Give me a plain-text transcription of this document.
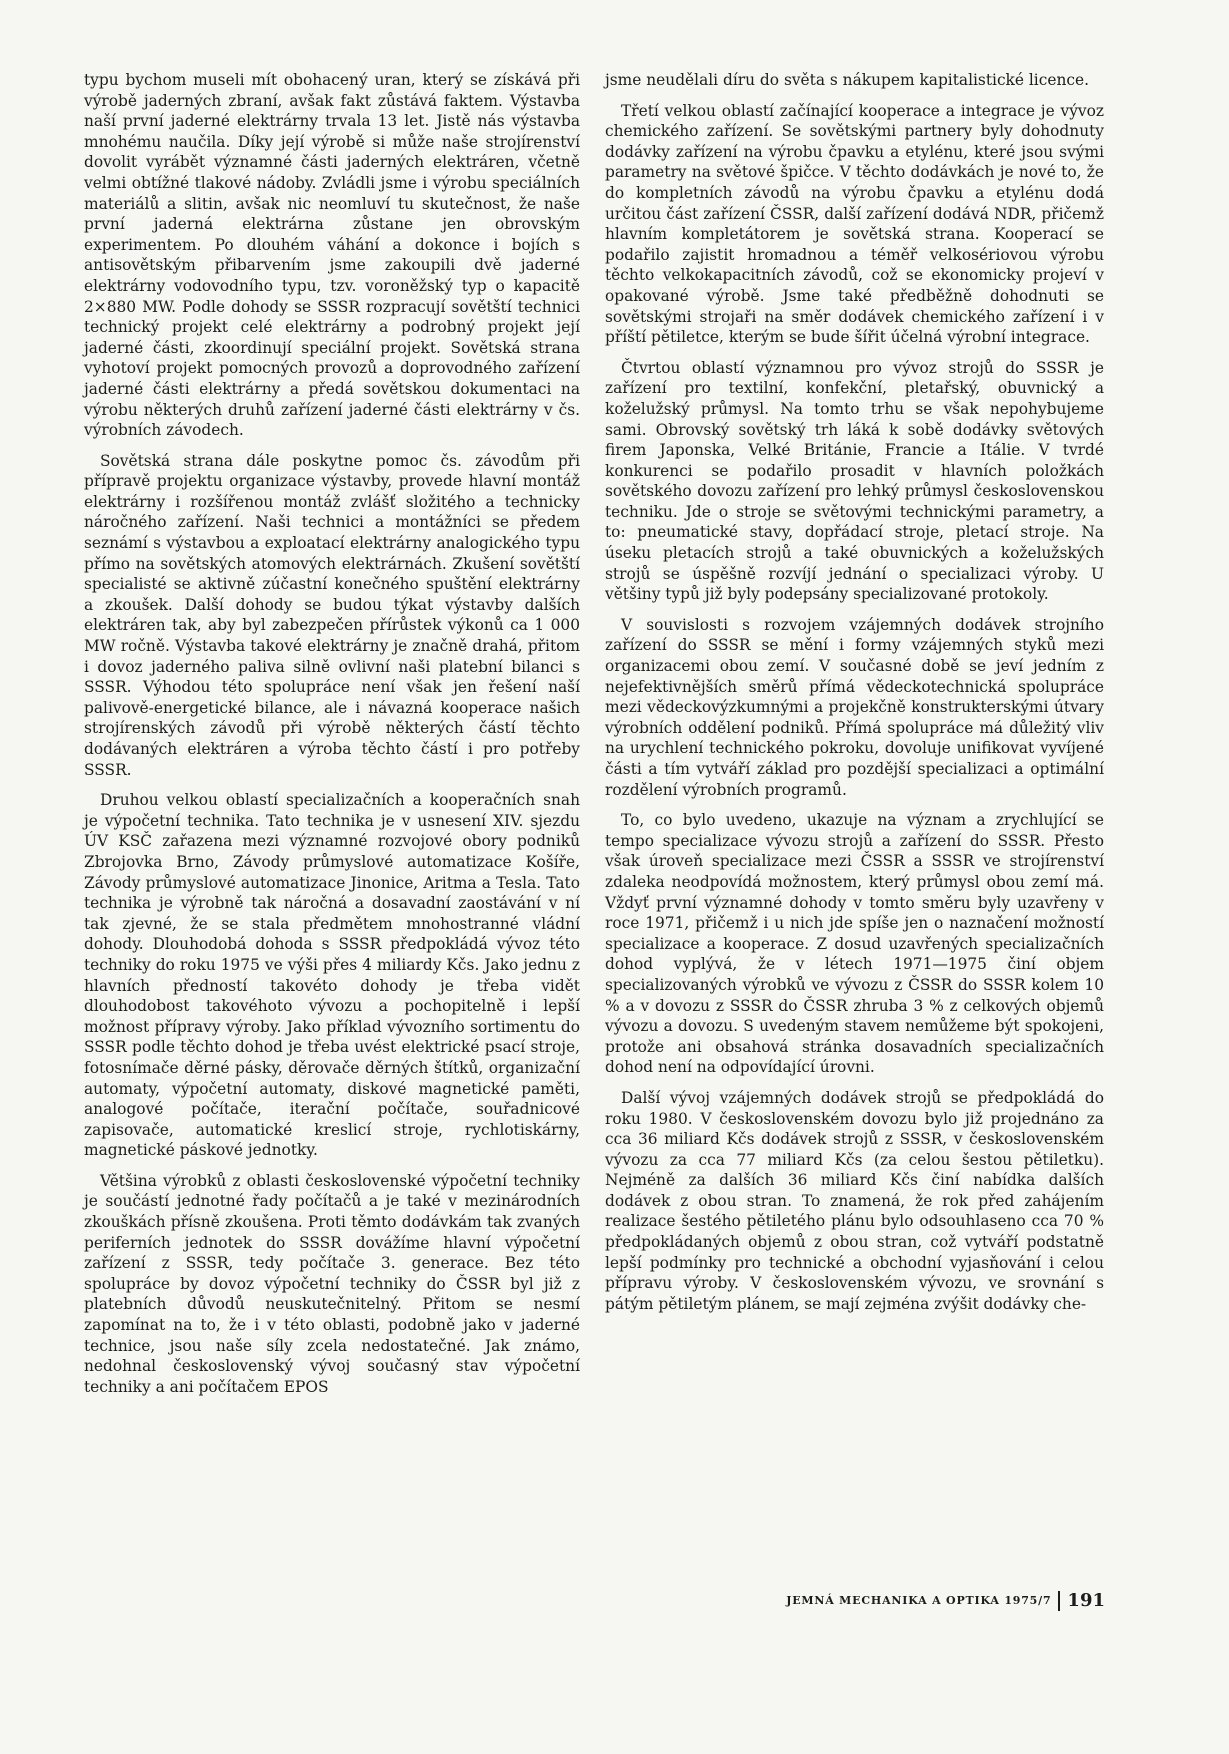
typu bychom museli mít obohacený uran, který se získává při výrobě jaderných zbraní, avšak fakt zůstává faktem. Výstavba naší první jaderné elektrárny trvala 13 let. Jistě nás výstavba mnohému naučila. Díky její výrobě si může naše strojírenství dovolit vyrábět významné části jaderných elektráren, včetně velmi obtížné tlakové nádoby. Zvládli jsme i výrobu speciálních materiálů a slitin, avšak nic neomluví tu skutečnost, že naše první jaderná elektrárna zůstane jen obrovským experimentem. Po dlouhém váhání a dokonce i bojích s antisovětským přibarvením jsme zakoupili dvě jaderné elektrárny vodovodního typu, tzv. voroněžský typ o kapacitě 2×880 MW. Podle dohody se SSSR rozpracují sovětští technici technický projekt celé elektrárny a podrobný projekt její jaderné části, zkoordinují speciální projekt. Sovětská strana vyhotoví projekt pomocných provozů a doprovodného zařízení jaderné části elektrárny a předá sovětskou dokumentaci na výrobu některých druhů zařízení jaderné části elektrárny v čs. výrobních závodech.

Sovětská strana dále poskytne pomoc čs. závodům při přípravě projektu organizace výstavby, provede hlavní montáž elektrárny i rozšířenou montáž zvlášť složitého a technicky náročného zařízení. Naši technici a montážníci se předem seznámí s výstavbou a exploatací elektrárny analogického typu přímo na sovětských atomových elektrárnách. Zkušení sovětští specialisté se aktivně zúčastní konečného spuštění elektrárny a zkoušek. Další dohody se budou týkat výstavby dalších elektráren tak, aby byl zabezpečen přírůstek výkonů ca 1 000 MW ročně. Výstavba takové elektrárny je značně drahá, přitom i dovoz jaderného paliva silně ovlivní naši platební bilanci s SSSR. Výhodou této spolupráce není však jen řešení naší palivově-energetické bilance, ale i návazná kooperace našich strojírenských závodů při výrobě některých částí těchto dodávaných elektráren a výroba těchto částí i pro potřeby SSSR.

Druhou velkou oblastí specializačních a kooperačních snah je výpočetní technika. Tato technika je v usnesení XIV. sjezdu ÚV KSČ zařazena mezi významné rozvojové obory podniků Zbrojovka Brno, Závody průmyslové automatizace Košíře, Závody průmyslové automatizace Jinonice, Aritma a Tesla. Tato technika je výrobně tak náročná a dosavadní zaostávání v ní tak zjevné, že se stala předmětem mnohostranné vládní dohody. Dlouhodobá dohoda s SSSR předpokládá vývoz této techniky do roku 1975 ve výši přes 4 miliardy Kčs. Jako jednu z hlavních předností takovéto dohody je třeba vidět dlouhodobost takovéhoto vývozu a pochopitelně i lepší možnost přípravy výroby. Jako příklad vývozního sortimentu do SSSR podle těchto dohod je třeba uvést elektrické psací stroje, fotosnímače děrné pásky, děrovače děrných štítků, organizační automaty, výpočetní automaty, diskové magnetické paměti, analogové počítače, iterační počítače, souřadnicové zapisovače, automatické kreslicí stroje, rychlotiskárny, magnetické páskové jednotky.

Většina výrobků z oblasti československé výpočetní techniky je součástí jednotné řady počítačů a je také v mezinárodních zkouškách přísně zkoušena. Proti těmto dodávkám tak zvaných periferních jednotek do SSSR dovážíme hlavní výpočetní zařízení z SSSR, tedy počítače 3. generace. Bez této spolupráce by dovoz výpočetní techniky do ČSSR byl již z platebních důvodů neuskutečnitelný. Přitom se nesmí zapomínat na to, že i v této oblasti, podobně jako v jaderné technice, jsou naše síly zcela nedostatečné. Jak známo, nedohnal československý vývoj současný stav výpočetní techniky a ani počítačem EPOS

jsme neudělali díru do světa s nákupem kapitalistické licence.

Třetí velkou oblastí začínající kooperace a integrace je vývoz chemického zařízení. Se sovětskými partnery byly dohodnuty dodávky zařízení na výrobu čpavku a etylénu, které jsou svými parametry na světové špičce. V těchto dodávkách je nové to, že do kompletních závodů na výrobu čpavku a etylénu dodá určitou část zařízení ČSSR, další zařízení dodává NDR, přičemž hlavním kompletátorem je sovětská strana. Kooperací se podařilo zajistit hromadnou a téměř velkosériovou výrobu těchto velkokapacitních závodů, což se ekonomicky projeví v opakované výrobě. Jsme také předběžně dohodnuti se sovětskými strojaři na směr dodávek chemického zařízení i v příští pětiletce, kterým se bude šířit účelná výrobní integrace.

Čtvrtou oblastí významnou pro vývoz strojů do SSSR je zařízení pro textilní, konfekční, pletařský, obuvnický a koželužský průmysl. Na tomto trhu se však nepohybujeme sami. Obrovský sovětský trh láká k sobě dodávky světových firem Japonska, Velké Británie, Francie a Itálie. V tvrdé konkurenci se podařilo prosadit v hlavních položkách sovětského dovozu zařízení pro lehký průmysl československou techniku. Jde o stroje se světovými technickými parametry, a to: pneumatické stavy, dopřádací stroje, pletací stroje. Na úseku pletacích strojů a také obuvnických a koželužských strojů se úspěšně rozvíjí jednání o specializaci výroby. U většiny typů již byly podepsány specializované protokoly.

V souvislosti s rozvojem vzájemných dodávek strojního zařízení do SSSR se mění i formy vzájemných styků mezi organizacemi obou zemí. V současné době se jeví jedním z nejefektivnějších směrů přímá vědeckotechnická spolupráce mezi vědeckovýzkumnými a projekčně konstrukterskými útvary výrobních oddělení podniků. Přímá spolupráce má důležitý vliv na urychlení technického pokroku, dovoluje unifikovat vyvíjené části a tím vytváří základ pro pozdější specializaci a optimální rozdělení výrobních programů.

To, co bylo uvedeno, ukazuje na význam a zrychlující se tempo specializace vývozu strojů a zařízení do SSSR. Přesto však úroveň specializace mezi ČSSR a SSSR ve strojírenství zdaleka neodpovídá možnostem, který průmysl obou zemí má. Vždyť první významné dohody v tomto směru byly uzavřeny v roce 1971, přičemž i u nich jde spíše jen o naznačení možností specializace a kooperace. Z dosud uzavřených specializačních dohod vyplývá, že v létech 1971—1975 činí objem specializovaných výrobků ve vývozu z ČSSR do SSSR kolem 10 % a v dovozu z SSSR do ČSSR zhruba 3 % z celkových objemů vývozu a dovozu. S uvedeným stavem nemůžeme být spokojeni, protože ani obsahová stránka dosavadních specializačních dohod není na odpovídající úrovni.

Další vývoj vzájemných dodávek strojů se předpokládá do roku 1980. V československém dovozu bylo již projednáno za cca 36 miliard Kčs dodávek strojů z SSSR, v československém vývozu za cca 77 miliard Kčs (za celou šestou pětiletku). Nejméně za dalších 36 miliard Kčs činí nabídka dalších dodávek z obou stran. To znamená, že rok před zahájením realizace šestého pětiletého plánu bylo odsouhlaseno cca 70 % předpokládaných objemů z obou stran, což vytváří podstatně lepší podmínky pro technické a obchodní vyjasňování i celou přípravu výroby. V československém vývozu, ve srovnání s pátým pětiletým plánem, se mají zejména zvýšit dodávky che-

JEMNÁ MECHANIKA A OPTIKA 1975/7 191
